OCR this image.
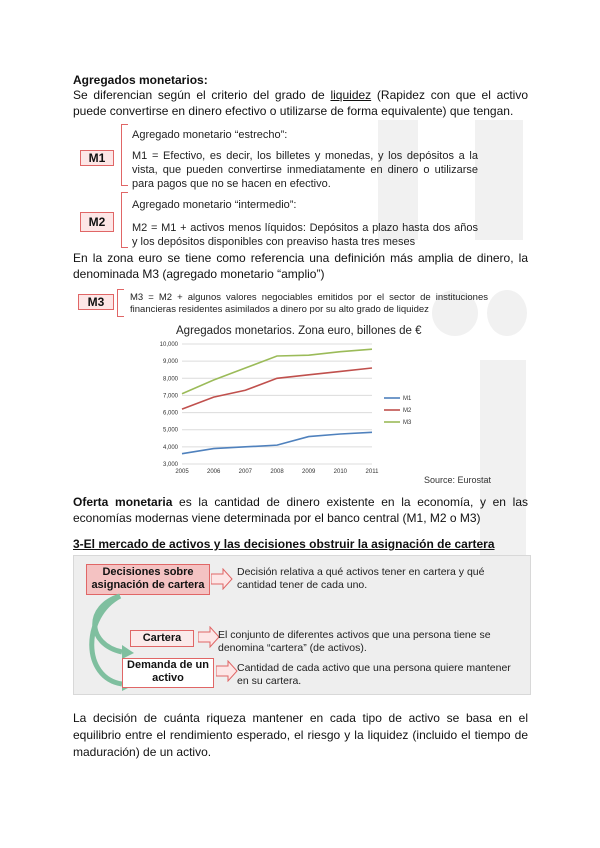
Agregados monetarios:
Se diferencian según el criterio del grado de liquidez (Rapidez con que el activo puede convertirse en dinero efectivo o utilizarse de forma equivalente) que tengan.
M1
Agregado monetario “estrecho”:
M1 = Efectivo, es decir, los billetes y monedas, y los depósitos a la vista, que pueden convertirse inmediatamente en dinero o utilizarse para pagos que no se hacen en efectivo.
M2
Agregado monetario “intermedio”:
M2 = M1 + activos menos líquidos: Depósitos a plazo hasta dos años y los depósitos disponibles con preaviso hasta tres meses
En la zona euro se tiene como referencia una definición más amplia de dinero, la denominada M3 (agregado monetario “amplio”)
M3	M3 = M2 + algunos valores negociables emitidos por el sector de instituciones financieras residentes asimilados a dinero por su alto grado de liquidez
Agregados monetarios. Zona euro, billones de €
3,000
4,000
5,000
6,000
7,000
8,000
9,000
10,000
2005	2006	2007	2008	2009	2010	2011
M1
M2
M3
Source: Eurostat
Oferta monetaria es la cantidad de dinero existente en la economía, y en las economías modernas viene determinada por el banco central (M1, M2 o M3)
3-El mercado de activos y las decisiones obstruir la asignación de cartera
Decisiones sobre asignación de cartera
Decisión relativa a qué activos tener en cartera y qué cantidad tener de cada uno.
Cartera	El conjunto de diferentes activos que una persona tiene se denomina “cartera” (de activos).
Demanda de un activo
Cantidad de cada activo que una persona quiere mantener en su cartera.
La decisión de cuánta riqueza mantener en cada tipo de activo se basa en el equilibrio entre el rendimiento esperado, el riesgo y la liquidez (incluido el tiempo de maduración) de un activo.
